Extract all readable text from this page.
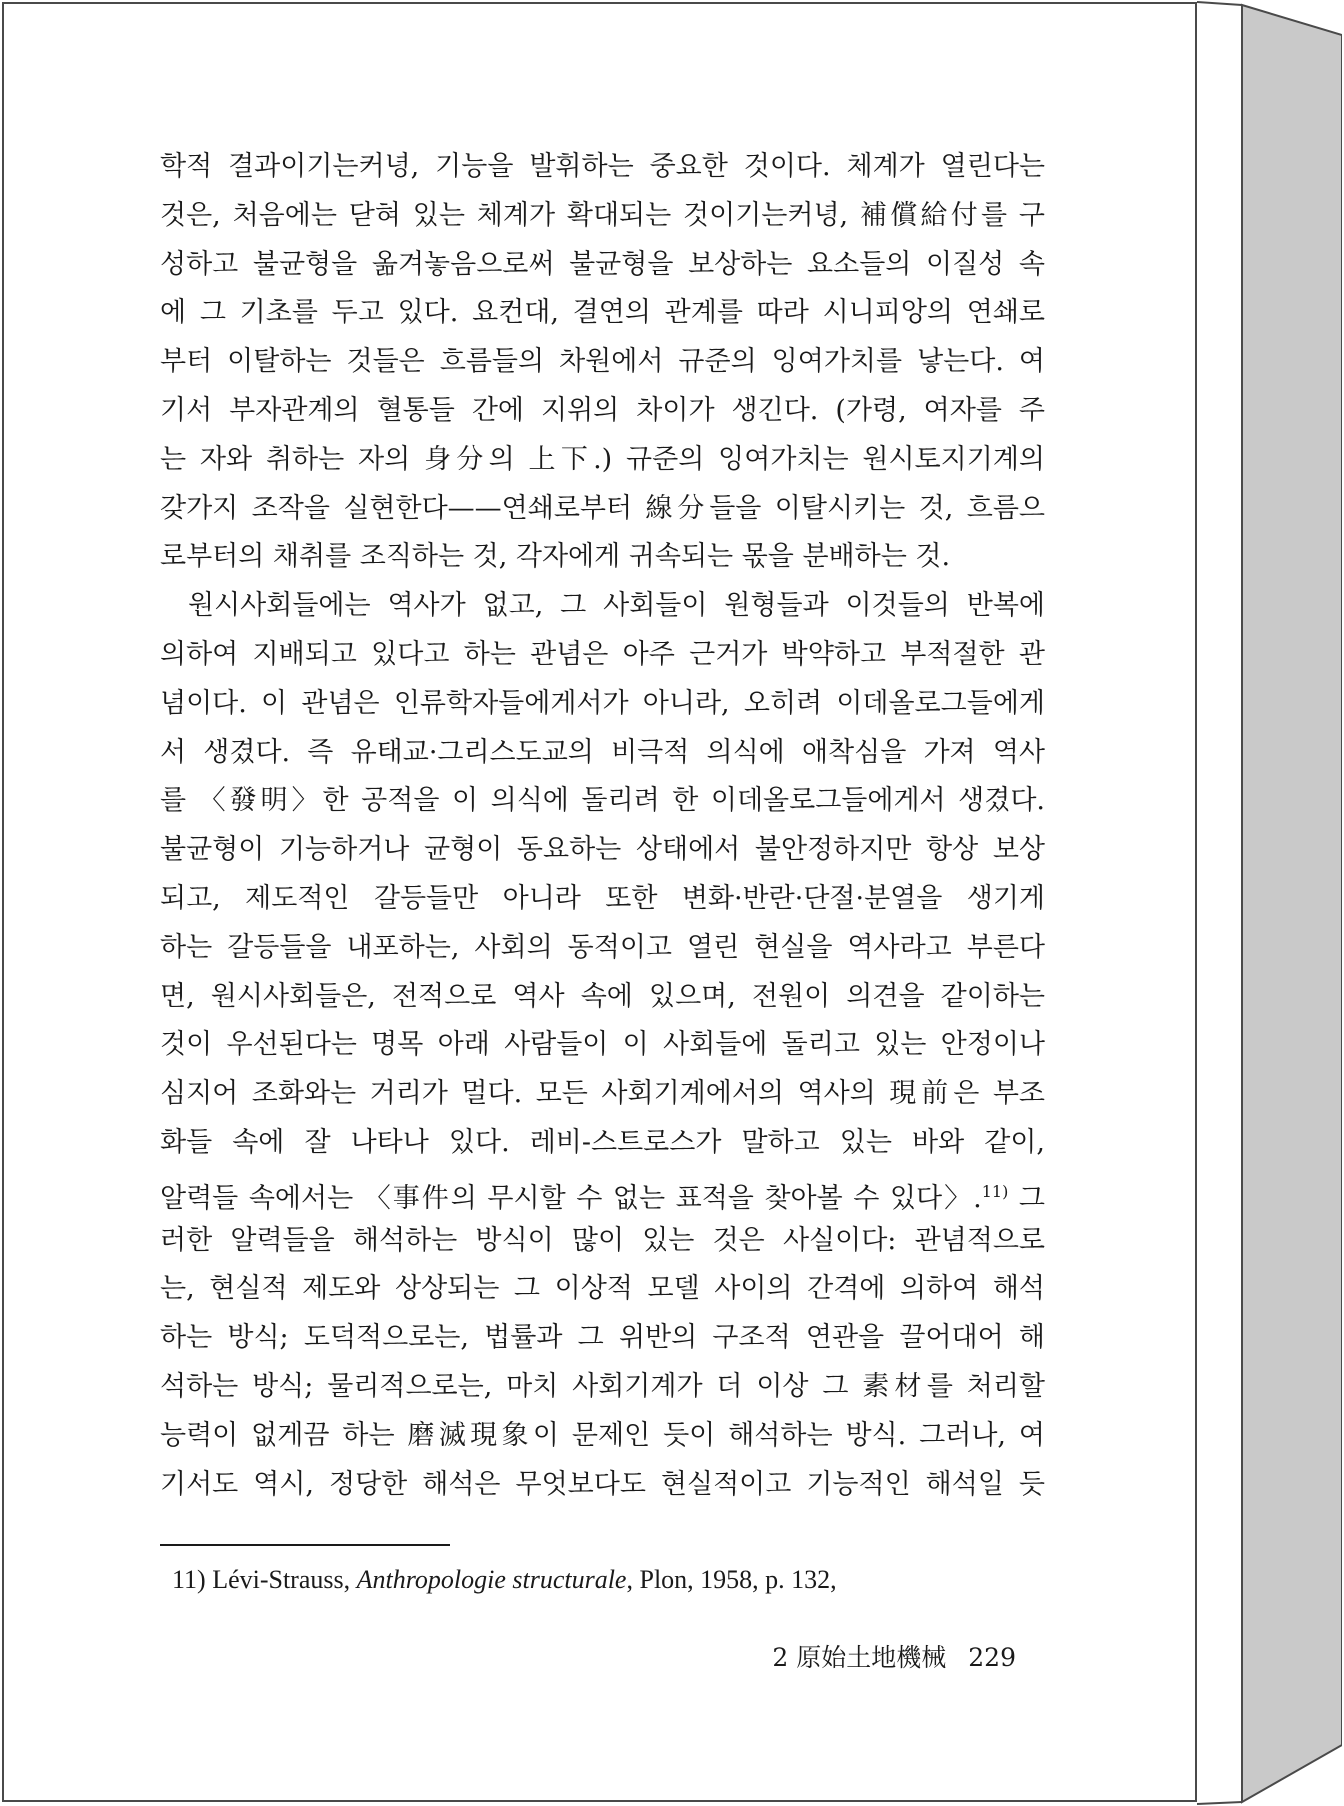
학적 결과이기는커녕, 기능을 발휘하는 중요한 것이다. 체계가 열린다는
것은, 처음에는 닫혀 있는 체계가 확대되는 것이기는커녕, 補償給付를 구
성하고 불균형을 옮겨놓음으로써 불균형을 보상하는 요소들의 이질성 속
에 그 기초를 두고 있다. 요컨대, 결연의 관계를 따라 시니피앙의 연쇄로
부터 이탈하는 것들은 흐름들의 차원에서 규준의 잉여가치를 낳는다. 여
기서 부자관계의 혈통들 간에 지위의 차이가 생긴다. (가령, 여자를 주
는 자와 취하는 자의 身分의 上下.) 규준의 잉여가치는 원시토지기계의
갖가지 조작을 실현한다——연쇄로부터 線分들을 이탈시키는 것, 흐름으
로부터의 채취를 조직하는 것, 각자에게 귀속되는 몫을 분배하는 것.
원시사회들에는 역사가 없고, 그 사회들이 원형들과 이것들의 반복에
의하여 지배되고 있다고 하는 관념은 아주 근거가 박약하고 부적절한 관
념이다. 이 관념은 인류학자들에게서가 아니라, 오히려 이데올로그들에게
서 생겼다. 즉 유태교·그리스도교의 비극적 의식에 애착심을 가져 역사
를 〈發明〉한 공적을 이 의식에 돌리려 한 이데올로그들에게서 생겼다.
불균형이 기능하거나 균형이 동요하는 상태에서 불안정하지만 항상 보상
되고, 제도적인 갈등들만 아니라 또한 변화·반란·단절·분열을 생기게
하는 갈등들을 내포하는, 사회의 동적이고 열린 현실을 역사라고 부른다
면, 원시사회들은, 전적으로 역사 속에 있으며, 전원이 의견을 같이하는
것이 우선된다는 명목 아래 사람들이 이 사회들에 돌리고 있는 안정이나
심지어 조화와는 거리가 멀다. 모든 사회기계에서의 역사의 現前은 부조
화들 속에 잘 나타나 있다. 레비-스트로스가 말하고 있는 바와 같이,
알력들 속에서는 〈事件의 무시할 수 없는 표적을 찾아볼 수 있다〉.$^{11)}$ 그
러한 알력들을 해석하는 방식이 많이 있는 것은 사실이다: 관념적으로
는, 현실적 제도와 상상되는 그 이상적 모델 사이의 간격에 의하여 해석
하는 방식; 도덕적으로는, 법률과 그 위반의 구조적 연관을 끌어대어 해
석하는 방식; 물리적으로는, 마치 사회기계가 더 이상 그 素材를 처리할
능력이 없게끔 하는 磨滅現象이 문제인 듯이 해석하는 방식. 그러나, 여
기서도 역시, 정당한 해석은 무엇보다도 현실적이고 기능적인 해석일 듯
11) Lévi-Strauss, Anthropologie structurale, Plon, 1958, p. 132,
2 原始土地機械 229
